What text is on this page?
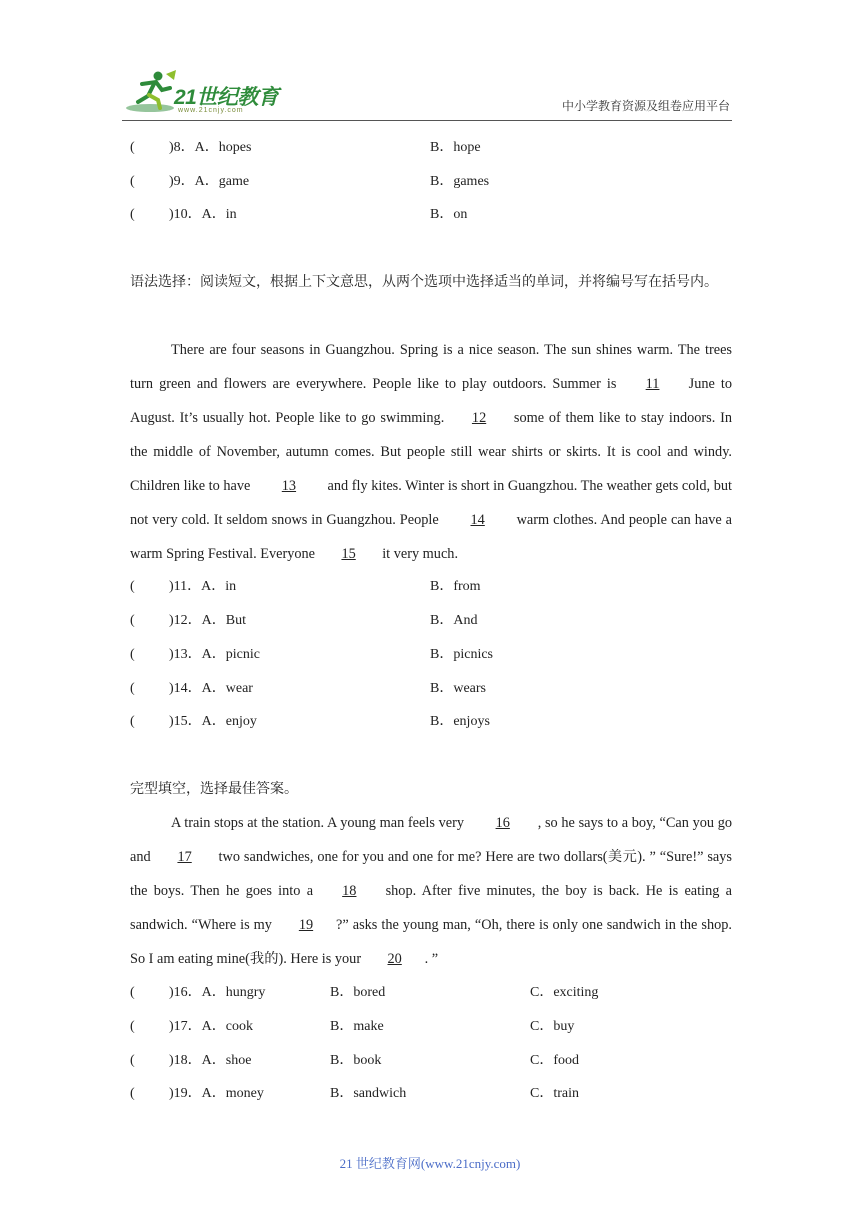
21世纪教育
www.21cnjy.com	中小学教育资源及组卷应用平台
( )8．A．hopes	B．hope
( )9．A．game	B．games
( )10．A．in	B．on
语法选择：阅读短文，根据上下文意思，从两个选项中选择适当的单词，并将编号写在括号内。
There are four seasons in Guangzhou. Spring is a nice season. The sun shines warm. The trees turn green and flowers are everywhere. People like to play outdoors. Summer is 11 June to August. It’s usually hot. People like to go swimming. 12 some of them like to stay indoors. In the middle of November, autumn comes. But people still wear shirts or skirts. It is cool and windy. Children like to have 13 and fly kites. Winter is short in Guangzhou. The weather gets cold, but not very cold. It seldom snows in Guangzhou. People 14 warm clothes. And people can have a warm Spring Festival. Everyone 15 it very much.
( )11．A．in	B．from
( )12．A．But	B．And
( )13．A．picnic	B．picnics
( )14．A．wear	B．wears
( )15．A．enjoy	B．enjoys
完型填空，选择最佳答案。
A train stops at the station. A young man feels very 16 , so he says to a boy, “Can you go and 17 two sandwiches, one for you and one for me? Here are two dollars(美元). ” “Sure!” says the boys. Then he goes into a 18 shop. After five minutes, the boy is back. He is eating a sandwich. “Where is my 19 ?” asks the young man, “Oh, there is only one sandwich in the shop. So I am eating mine(我的). Here is your 20 . ”
( )16．A．hungry	B．bored	C．exciting
( )17．A．cook	B．make	C．buy
( )18．A．shoe	B．book	C．food
( )19．A．money	B．sandwich	C．train
21 世纪教育网(www.21cnjy.com)
